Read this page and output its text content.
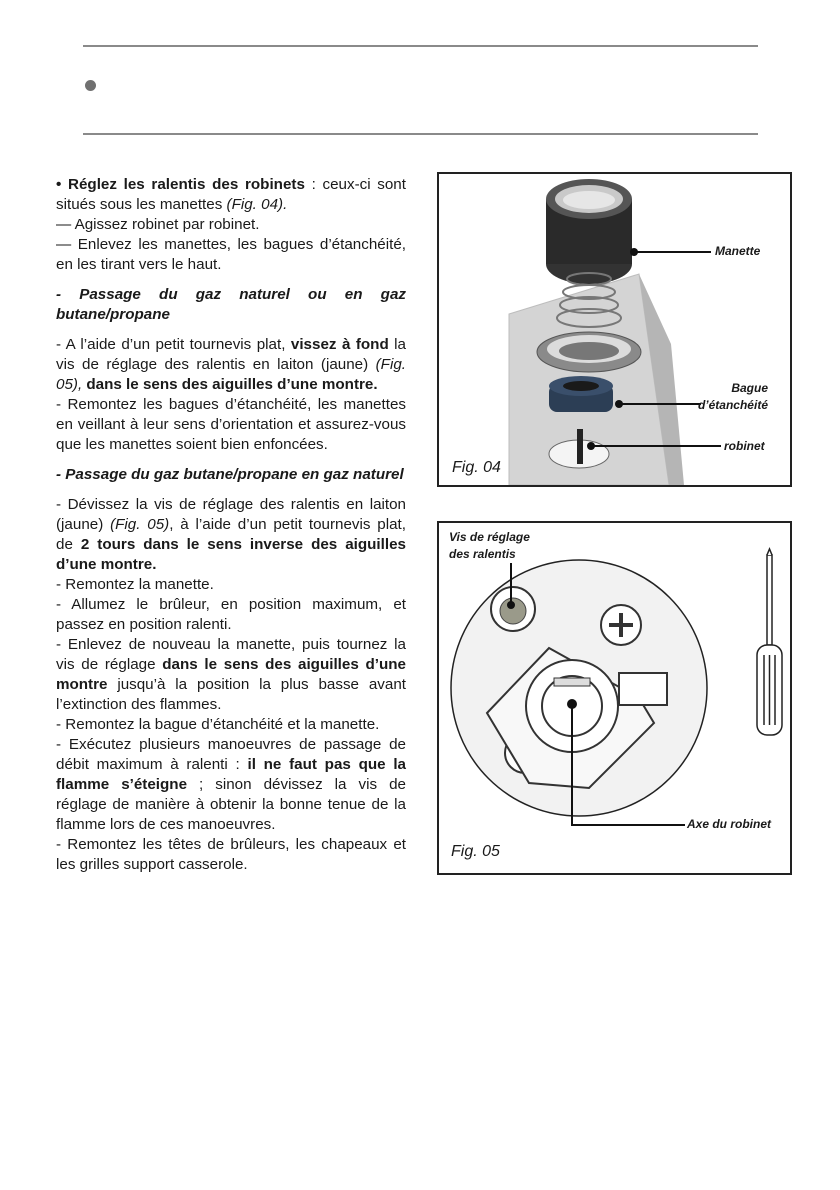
• Réglez les ralentis des robinets : ceux-ci sont situés sous les manettes (Fig. 04).

— Agissez robinet par robinet.

— Enlevez les manettes, les bagues d’étanchéité, en les tirant vers le haut.

- Passage du gaz naturel ou en gaz butane/propane

- A l’aide d’un petit tournevis plat, vissez à fond la vis de réglage des ralentis en laiton (jaune) (Fig. 05), dans le sens des aiguilles d’une montre.

- Remontez les bagues d’étanchéité, les manettes en veillant à leur sens d’orientation et assurez-vous que les manettes soient bien enfoncées.

- Passage du gaz butane/propane en gaz naturel

- Dévissez la vis de réglage des ralentis en laiton (jaune) (Fig. 05), à l’aide d’un petit tournevis plat, de 2 tours dans le sens inverse des aiguilles d’une montre.

- Remontez la manette.

- Allumez le brûleur, en position maximum, et passez en position ralenti.

- Enlevez de nouveau la manette, puis tournez la vis de réglage dans le sens des aiguilles d’une montre jusqu’à la position la plus basse avant l’extinction des flammes.

- Remontez la bague d’étanchéité et la manette.

- Exécutez plusieurs manoeuvres de passage de débit maximum à ralenti : il ne faut pas que la flamme s’éteigne ; sinon dévissez la vis de réglage de manière à obtenir la bonne tenue de la flamme lors de ces manoeuvres.

- Remontez les têtes de brûleurs, les chapeaux et les grilles support casserole.

Manette
Bague
d’étanchéité
robinet
Fig. 04
Vis de réglage
des ralentis
Axe du robinet
Fig. 05
